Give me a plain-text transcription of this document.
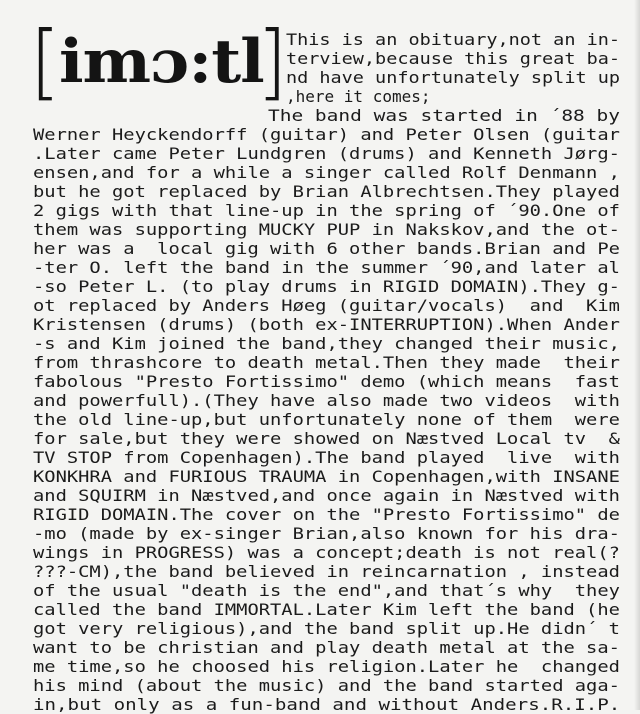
[imɔ:tl] This is an obituary,not an in-
terview,because this great ba-
nd have unfortunately split up
,here it comes;
The band was started in ´88 by
Werner Heyckendorff (guitar) and Peter Olsen (guitar
.Later came Peter Lundgren (drums) and Kenneth Jørg-
ensen,and for a while a singer called Rolf Denmann ,
but he got replaced by Brian Albrechtsen.They played
2 gigs with that line-up in the spring of ´90.One of
them was supporting MUCKY PUP in Nakskov,and the ot-
her was a  local gig with 6 other bands.Brian and Pe
-ter O. left the band in the summer ´90,and later al
-so Peter L. (to play drums in RIGID DOMAIN).They g-
ot replaced by Anders Høeg (guitar/vocals)  and  Kim
Kristensen (drums) (both ex-INTERRUPTION).When Ander
-s and Kim joined the band,they changed their music,
from thrashcore to death metal.Then they made  their
fabolous "Presto Fortissimo" demo (which means  fast
and powerfull).(They have also made two videos  with
the old line-up,but unfortunately none of them  were
for sale,but they were showed on Næstved Local tv  &
TV STOP from Copenhagen).The band played  live  with
KONKHRA and FURIOUS TRAUMA in Copenhagen,with INSANE
and SQUIRM in Næstved,and once again in Næstved with
RIGID DOMAIN.The cover on the "Presto Fortissimo" de
-mo (made by ex-singer Brian,also known for his dra-
wings in PROGRESS) was a concept;death is not real(?
???-CM),the band believed in reincarnation , instead
of the usual "death is the end",and that´s why  they
called the band IMMORTAL.Later Kim left the band (he
got very religious),and the band split up.He didn´ t
want to be christian and play death metal at the sa-
me time,so he choosed his religion.Later he  changed
his mind (about the music) and the band started aga-
in,but only as a fun-band and without Anders.R.I.P.
